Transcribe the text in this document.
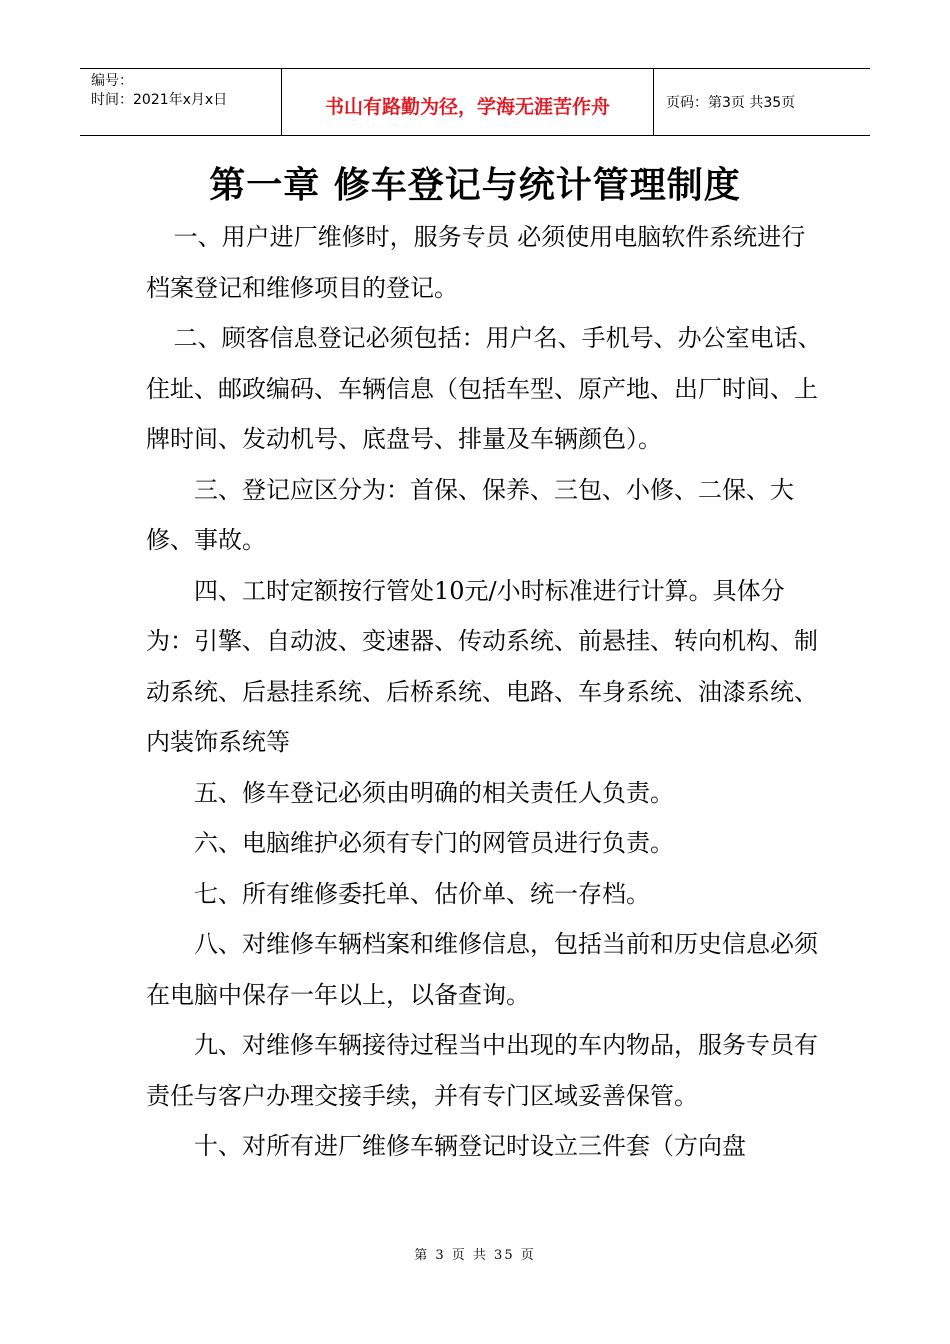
编号：
时间：2021年x月x日	书山有路勤为径，学海无涯苦作舟	页码：第3页 共35页
第一章 修车登记与统计管理制度

一、用户进厂维修时，服务专员 必须使用电脑软件系统进行档案登记和维修项目的登记。

二、顾客信息登记必须包括：用户名、手机号、办公室电话、住址、邮政编码、车辆信息（包括车型、原产地、出厂时间、上牌时间、发动机号、底盘号、排量及车辆颜色）。

三、登记应区分为：首保、保养、三包、小修、二保、大修、事故。

四、工时定额按行管处10元/小时标准进行计算。具体分为：引擎、自动波、变速器、传动系统、前悬挂、转向机构、制动系统、后悬挂系统、后桥系统、电路、车身系统、油漆系统、内装饰系统等

五、修车登记必须由明确的相关责任人负责。

六、电脑维护必须有专门的网管员进行负责。

七、所有维修委托单、估价单、统一存档。

八、对维修车辆档案和维修信息，包括当前和历史信息必须在电脑中保存一年以上，以备查询。

九、对维修车辆接待过程当中出现的车内物品，服务专员有责任与客户办理交接手续，并有专门区域妥善保管。

十、对所有进厂维修车辆登记时设立三件套（方向盘

第 3 页 共 35 页
